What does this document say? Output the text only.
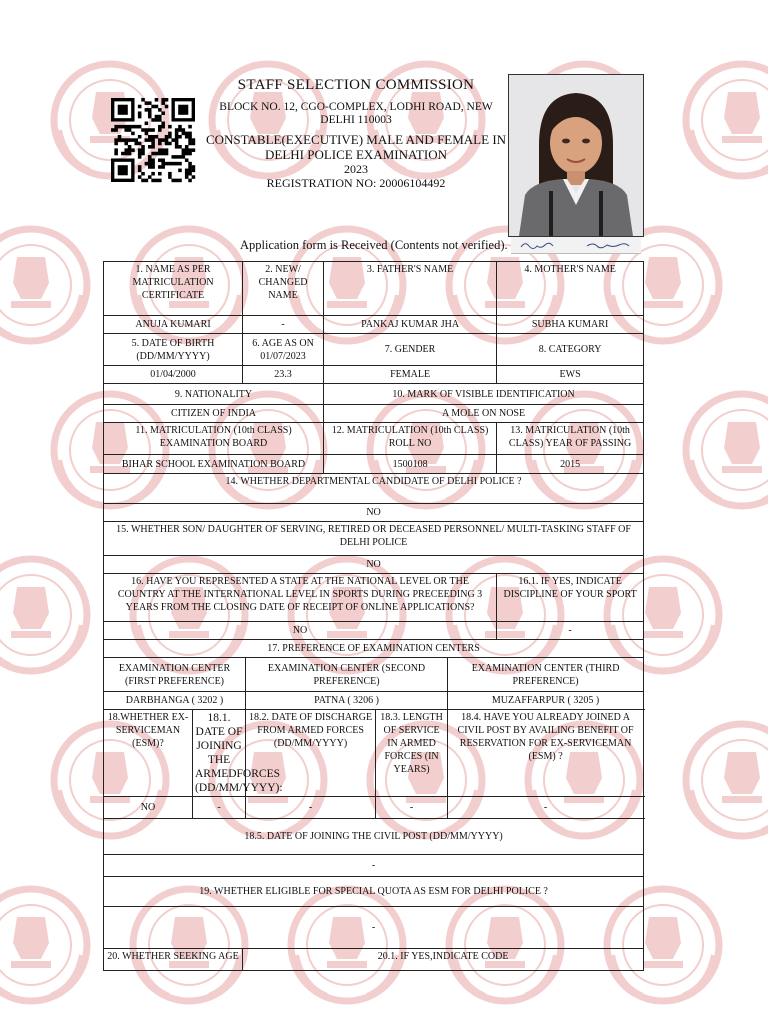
STAFF SELECTION COMMISSION
BLOCK NO. 12, CGO-COMPLEX, LODHI ROAD, NEW DELHI 110003
CONSTABLE(EXECUTIVE) MALE AND FEMALE IN DELHI POLICE EXAMINATION
2023
REGISTRATION NO: 20006104492
Application form is Received (Contents not verified).
1. NAME AS PER MATRICULATION CERTIFICATE		2. NEW/ CHANGED NAME		3. FATHER'S NAME			4. MOTHER'S NAME
ANUJA KUMARI		-		PANKAJ KUMAR JHA			SUBHA KUMARI
5. DATE OF BIRTH (DD/MM/YYYY)		6. AGE AS ON 01/07/2023		7. GENDER			8. CATEGORY
01/04/2000		23.3		FEMALE			EWS
9. NATIONALITY				10. MARK OF VISIBLE IDENTIFICATION			
CITIZEN OF INDIA				A MOLE ON NOSE			
11. MATRICULATION (10th CLASS) EXAMINATION BOARD				12. MATRICULATION (10th CLASS) ROLL NO			13. MATRICULATION (10th CLASS) YEAR OF PASSING
BIHAR SCHOOL EXAMINATION BOARD				1500108			2015
14. WHETHER DEPARTMENTAL CANDIDATE OF DELHI POLICE ?							
NO							
15. WHETHER SON/ DAUGHTER OF SERVING, RETIRED OR DECEASED PERSONNEL/ MULTI-TASKING STAFF OF DELHI POLICE							
NO							
16. HAVE YOU REPRESENTED A STATE AT THE NATIONAL LEVEL OR THE COUNTRY AT THE INTERNATIONAL LEVEL IN SPORTS DURING PRECEEDING 3 YEARS FROM THE CLOSING DATE OF RECEIPT OF ONLINE APPLICATIONS?							16.1. IF YES, INDICATE DISCIPLINE OF YOUR SPORT
NO							-
17. PREFERENCE OF EXAMINATION CENTERS							
EXAMINATION CENTER (FIRST PREFERENCE)			EXAMINATION CENTER (SECOND PREFERENCE)			EXAMINATION CENTER (THIRD PREFERENCE)	
DARBHANGA ( 3202 )			PATNA ( 3206 )			MUZAFFARPUR ( 3205 )	
18.WHETHER EX-SERVICEMAN (ESM)?	18.1. DATE OF JOINING THE ARMEDFORCES (DD/MM/YYYY):		18.2. DATE OF DISCHARGE FROM ARMED FORCES (DD/MM/YYYY)		18.3. LENGTH OF SERVICE IN ARMED FORCES (IN YEARS)	18.4. HAVE YOU ALREADY JOINED A CIVIL POST BY AVAILING BENEFIT OF RESERVATION FOR EX-SERVICEMAN (ESM) ?	
NO	-		-		-	-	
18.5. DATE OF JOINING THE CIVIL POST (DD/MM/YYYY)							
-							
19. WHETHER ELIGIBLE FOR SPECIAL QUOTA AS ESM FOR DELHI POLICE ?							
-							
20. WHETHER SEEKING AGE		20.1. IF YES,INDICATE CODE					
